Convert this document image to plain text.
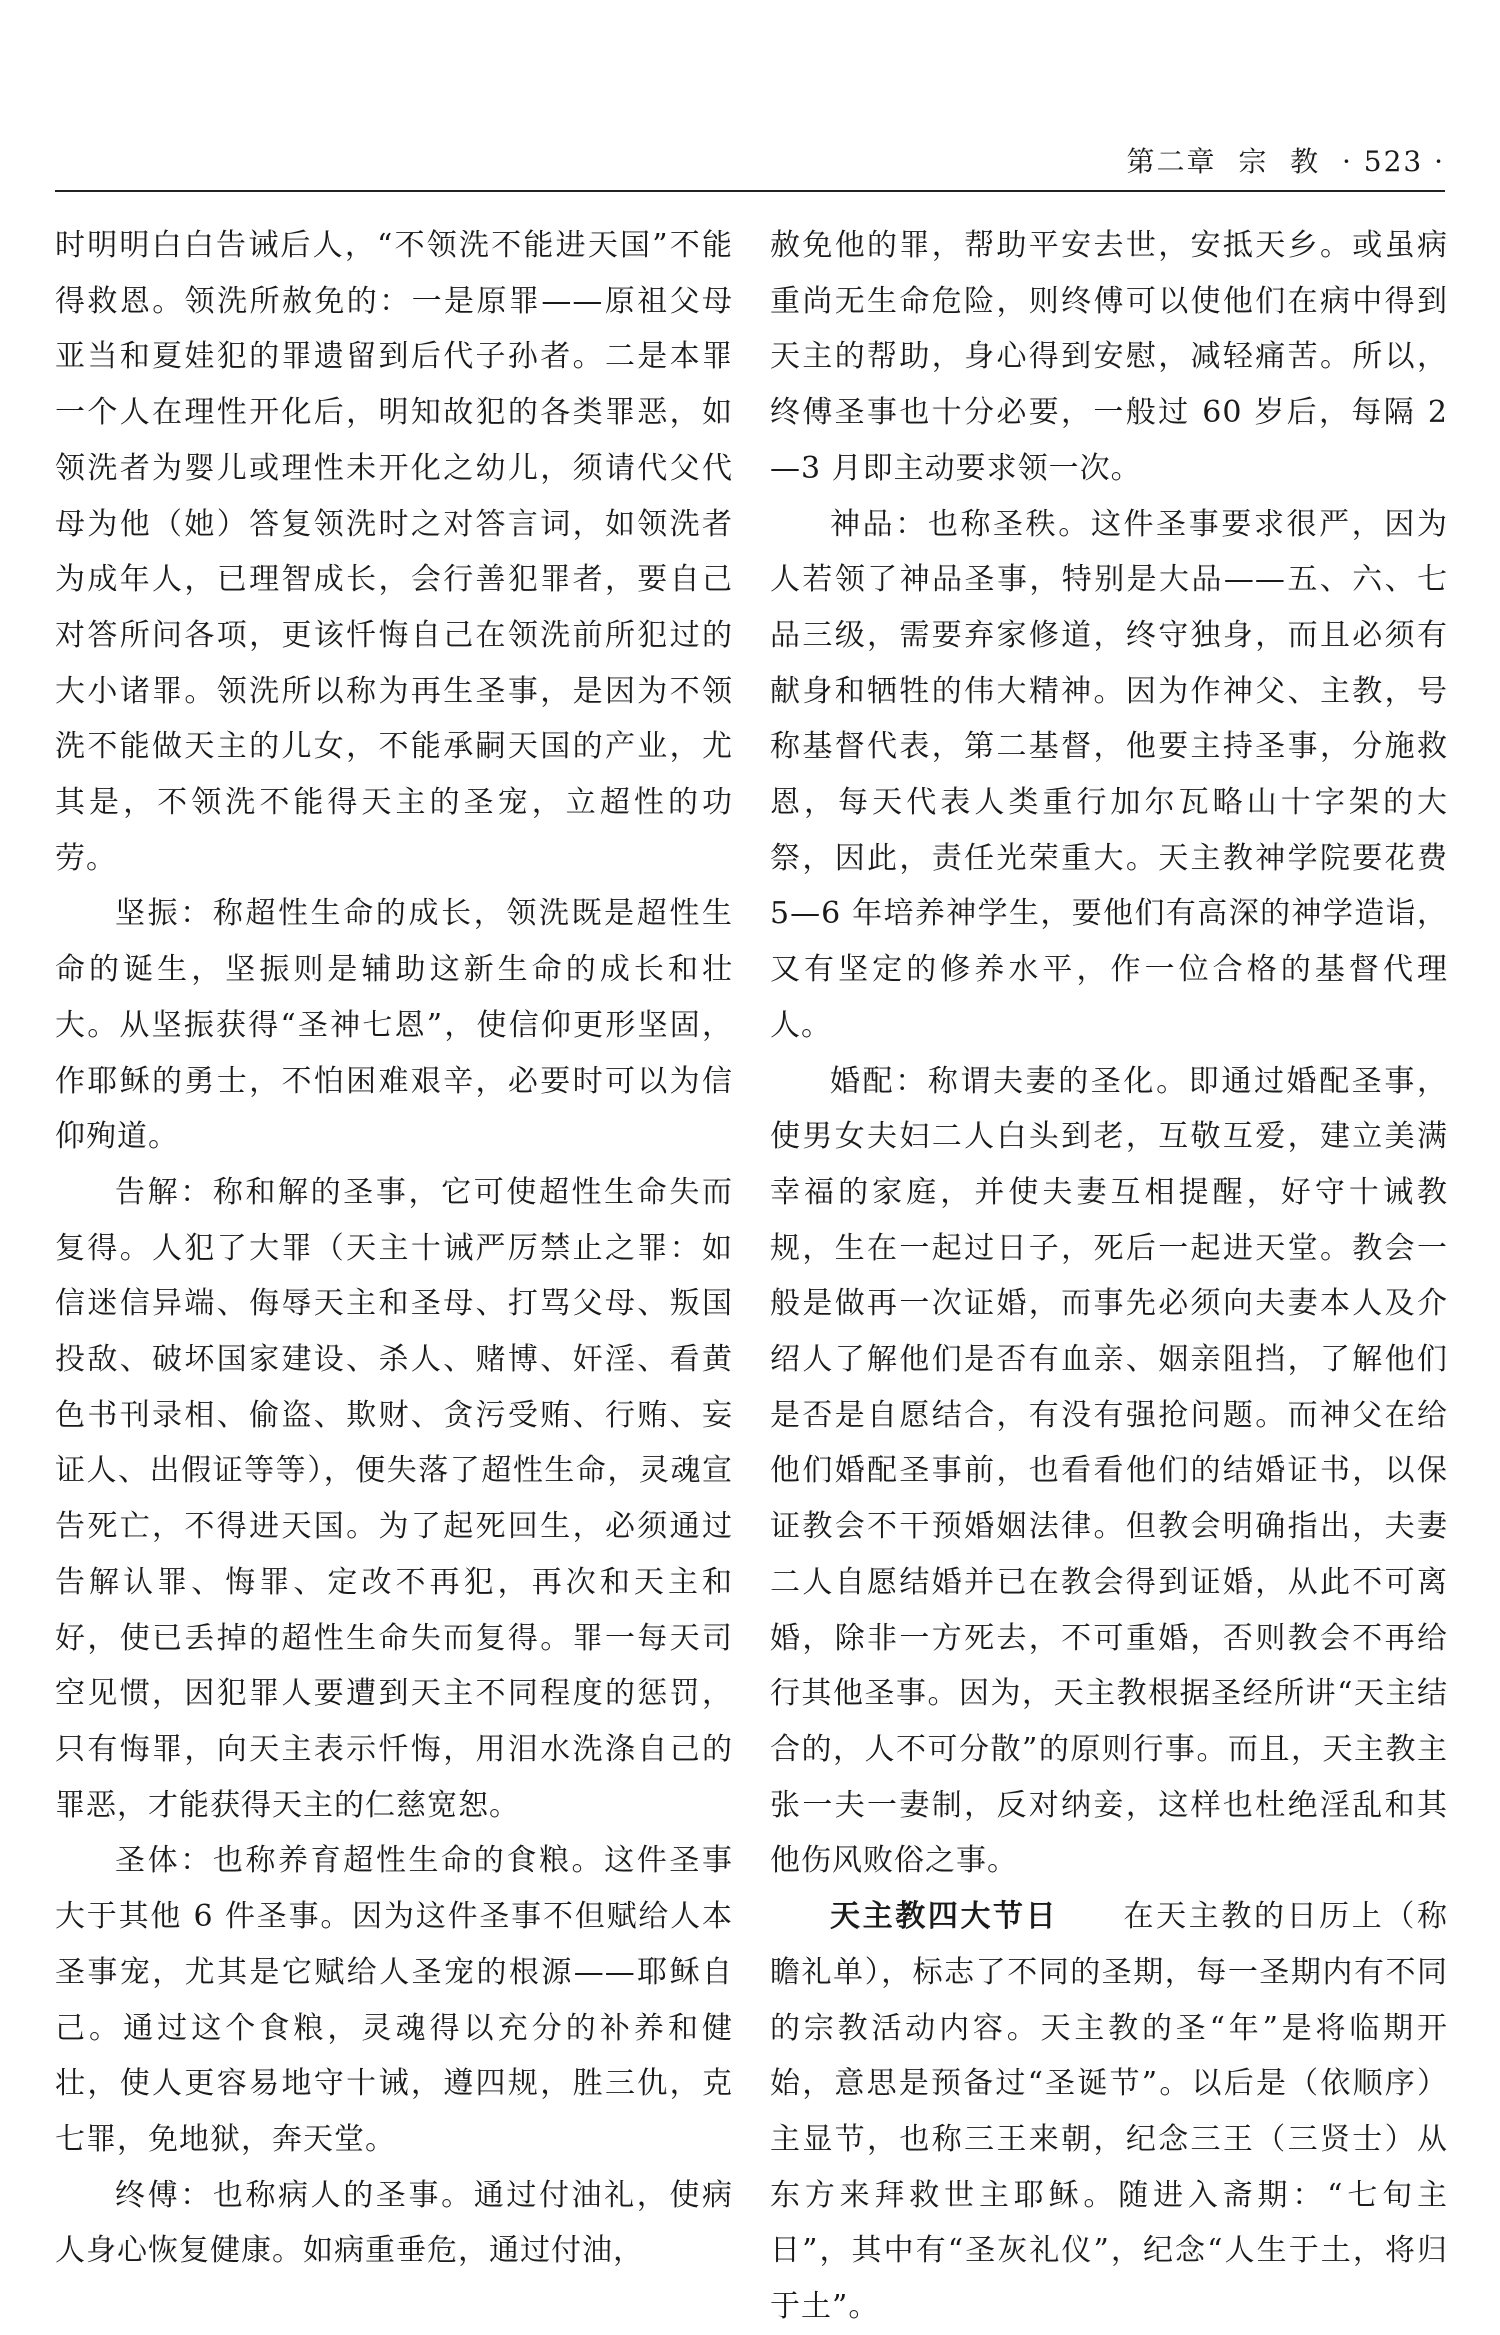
第二章  宗  教  · 523 ·

时明明白白告诫后人，“不领洗不能进天国”不能得救恩。领洗所赦免的：一是原罪——原祖父母亚当和夏娃犯的罪遗留到后代子孙者。二是本罪一个人在理性开化后，明知故犯的各类罪恶，如领洗者为婴儿或理性未开化之幼儿，须请代父代母为他（她）答复领洗时之对答言词，如领洗者为成年人，已理智成长，会行善犯罪者，要自己对答所问各项，更该忏悔自己在领洗前所犯过的大小诸罪。领洗所以称为再生圣事，是因为不领洗不能做天主的儿女，不能承嗣天国的产业，尤其是，不领洗不能得天主的圣宠，立超性的功劳。

坚振：称超性生命的成长，领洗既是超性生命的诞生，坚振则是辅助这新生命的成长和壮大。从坚振获得“圣神七恩”，使信仰更形坚固，作耶稣的勇士，不怕困难艰辛，必要时可以为信仰殉道。

告解：称和解的圣事，它可使超性生命失而复得。人犯了大罪（天主十诫严厉禁止之罪：如信迷信异端、侮辱天主和圣母、打骂父母、叛国投敌、破坏国家建设、杀人、赌博、奸淫、看黄色书刊录相、偷盗、欺财、贪污受贿、行贿、妄证人、出假证等等），便失落了超性生命，灵魂宣告死亡，不得进天国。为了起死回生，必须通过告解认罪、悔罪、定改不再犯，再次和天主和好，使已丢掉的超性生命失而复得。罪一每天司空见惯，因犯罪人要遭到天主不同程度的惩罚，只有悔罪，向天主表示忏悔，用泪水洗涤自己的罪恶，才能获得天主的仁慈宽恕。

圣体：也称养育超性生命的食粮。这件圣事大于其他 6 件圣事。因为这件圣事不但赋给人本圣事宠，尤其是它赋给人圣宠的根源——耶稣自己。通过这个食粮，灵魂得以充分的补养和健壮，使人更容易地守十诫，遵四规，胜三仇，克七罪，免地狱，奔天堂。

终傅：也称病人的圣事。通过付油礼，使病人身心恢复健康。如病重垂危，通过付油，

赦免他的罪，帮助平安去世，安抵天乡。或虽病重尚无生命危险，则终傅可以使他们在病中得到天主的帮助，身心得到安慰，减轻痛苦。所以，终傅圣事也十分必要，一般过 60 岁后，每隔 2—3 月即主动要求领一次。

神品：也称圣秩。这件圣事要求很严，因为人若领了神品圣事，特别是大品——五、六、七品三级，需要弃家修道，终守独身，而且必须有献身和牺牲的伟大精神。因为作神父、主教，号称基督代表，第二基督，他要主持圣事，分施救恩，每天代表人类重行加尔瓦略山十字架的大祭，因此，责任光荣重大。天主教神学院要花费 5—6 年培养神学生，要他们有高深的神学造诣，又有坚定的修养水平，作一位合格的基督代理人。

婚配：称谓夫妻的圣化。即通过婚配圣事，使男女夫妇二人白头到老，互敬互爱，建立美满幸福的家庭，并使夫妻互相提醒，好守十诫教规，生在一起过日子，死后一起进天堂。教会一般是做再一次证婚，而事先必须向夫妻本人及介绍人了解他们是否有血亲、姻亲阻挡，了解他们是否是自愿结合，有没有强抢问题。而神父在给他们婚配圣事前，也看看他们的结婚证书，以保证教会不干预婚姻法律。但教会明确指出，夫妻二人自愿结婚并已在教会得到证婚，从此不可离婚，除非一方死去，不可重婚，否则教会不再给行其他圣事。因为，天主教根据圣经所讲“天主结合的，人不可分散”的原则行事。而且，天主教主张一夫一妻制，反对纳妾，这样也杜绝淫乱和其他伤风败俗之事。

天主教四大节日　　 在天主教的日历上（称瞻礼单），标志了不同的圣期，每一圣期内有不同的宗教活动内容。天主教的圣“年”是将临期开始，意思是预备过“圣诞节”。以后是（依顺序）主显节，也称三王来朝，纪念三王（三贤士）从东方来拜救世主耶稣。随进入斋期：“七旬主日”，其中有“圣灰礼仪”，纪念“人生于土，将归于土”。
